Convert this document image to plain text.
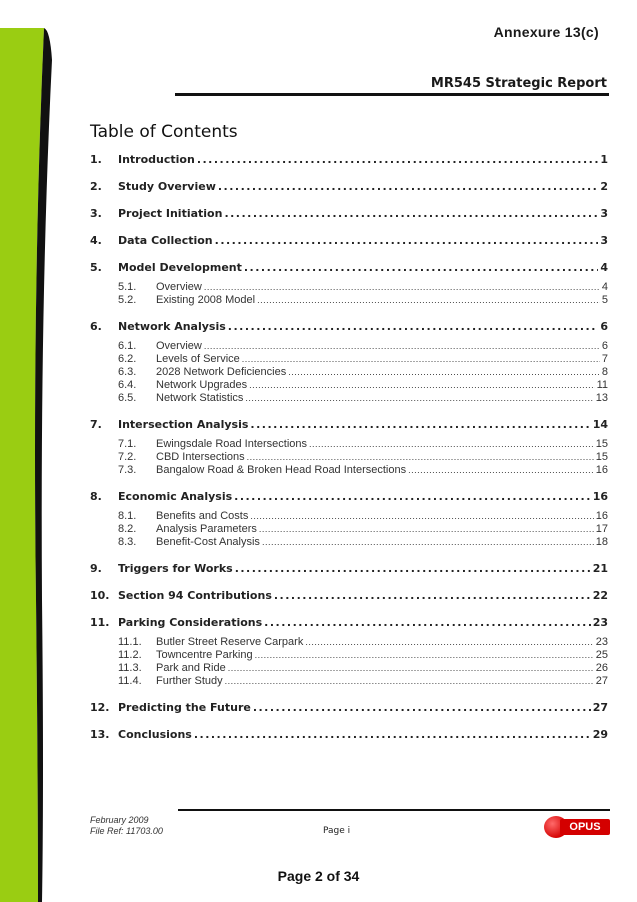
Annexure 13(c)
MR545 Strategic Report
Table of Contents
1.	Introduction .....	1
2.	Study Overview .....	2
3.	Project Initiation .....	3
4.	Data Collection .....	3
5.	Model Development .....	4
5.1.	Overview .....	4
5.2.	Existing 2008 Model .....	5
6.	Network Analysis .....	6
6.1.	Overview .....	6
6.2.	Levels of Service .....	7
6.3.	2028 Network Deficiencies .....	8
6.4.	Network Upgrades .....	11
6.5.	Network Statistics .....	13
7.	Intersection Analysis .....	14
7.1.	Ewingsdale Road Intersections .....	15
7.2.	CBD Intersections .....	15
7.3.	Bangalow Road & Broken Head Road Intersections .....	16
8.	Economic Analysis .....	16
8.1.	Benefits and Costs .....	16
8.2.	Analysis Parameters .....	17
8.3.	Benefit-Cost Analysis .....	18
9.	Triggers for Works .....	21
10. Section 94 Contributions .....	22
11. Parking Considerations .....	23
11.1.	Butler Street Reserve Carpark .....	23
11.2.	Towncentre Parking .....	25
11.3.	Park and Ride .....	26
11.4.	Further Study .....	27
12. Predicting the Future .....	27
13. Conclusions .....	29
February 2009
File Ref: 11703.00	Page i	OPUS
Page 2 of 34
